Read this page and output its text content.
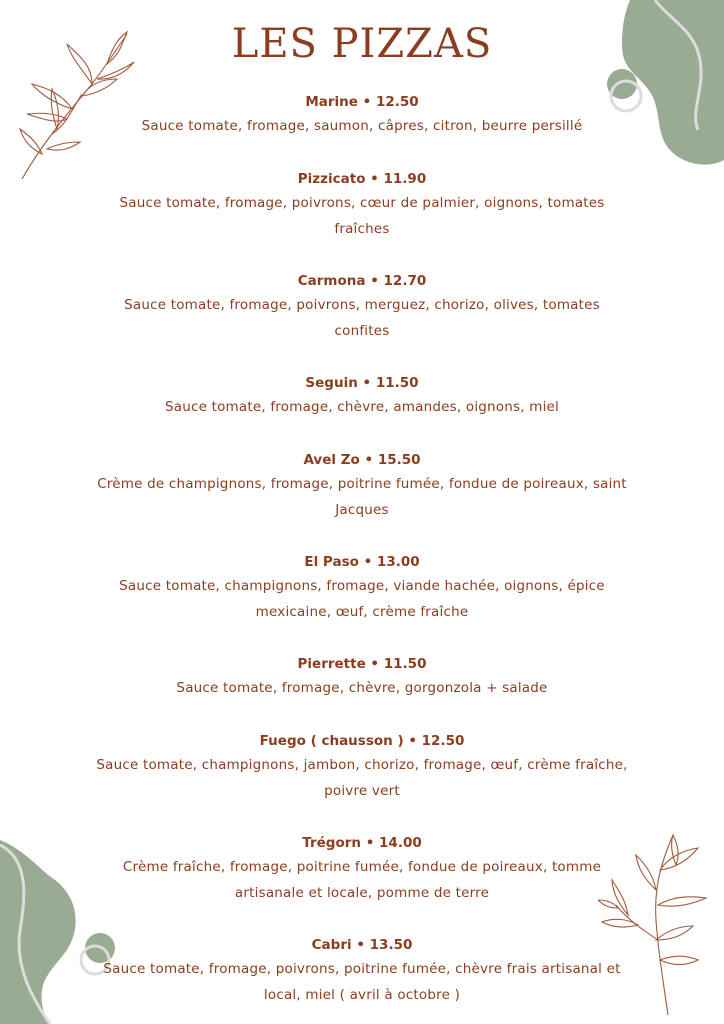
LES PIZZAS
Marine • 12.50
Sauce tomate, fromage, saumon, câpres, citron, beurre persillé
Pizzicato • 11.90
Sauce tomate, fromage, poivrons, cœur de palmier, oignons, tomates fraîches
Carmona • 12.70
Sauce tomate, fromage, poivrons, merguez, chorizo, olives, tomates confites
Seguin • 11.50
Sauce tomate, fromage, chèvre, amandes, oignons, miel
Avel Zo • 15.50
Crème de champignons, fromage, poitrine fumée, fondue de poireaux, saint Jacques
El Paso • 13.00
Sauce tomate, champignons, fromage, viande hachée, oignons, épice mexicaine, œuf, crème fraîche
Pierrette • 11.50
Sauce tomate, fromage, chèvre, gorgonzola + salade
Fuego ( chausson ) • 12.50
Sauce tomate, champignons, jambon, chorizo, fromage, œuf, crème fraîche, poivre vert
Trégorn • 14.00
Crème fraîche, fromage, poitrine fumée, fondue de poireaux, tomme artisanale et locale, pomme de terre
Cabri • 13.50
Sauce tomate, fromage, poivrons, poitrine fumée, chèvre frais artisanal et local, miel ( avril à octobre )
